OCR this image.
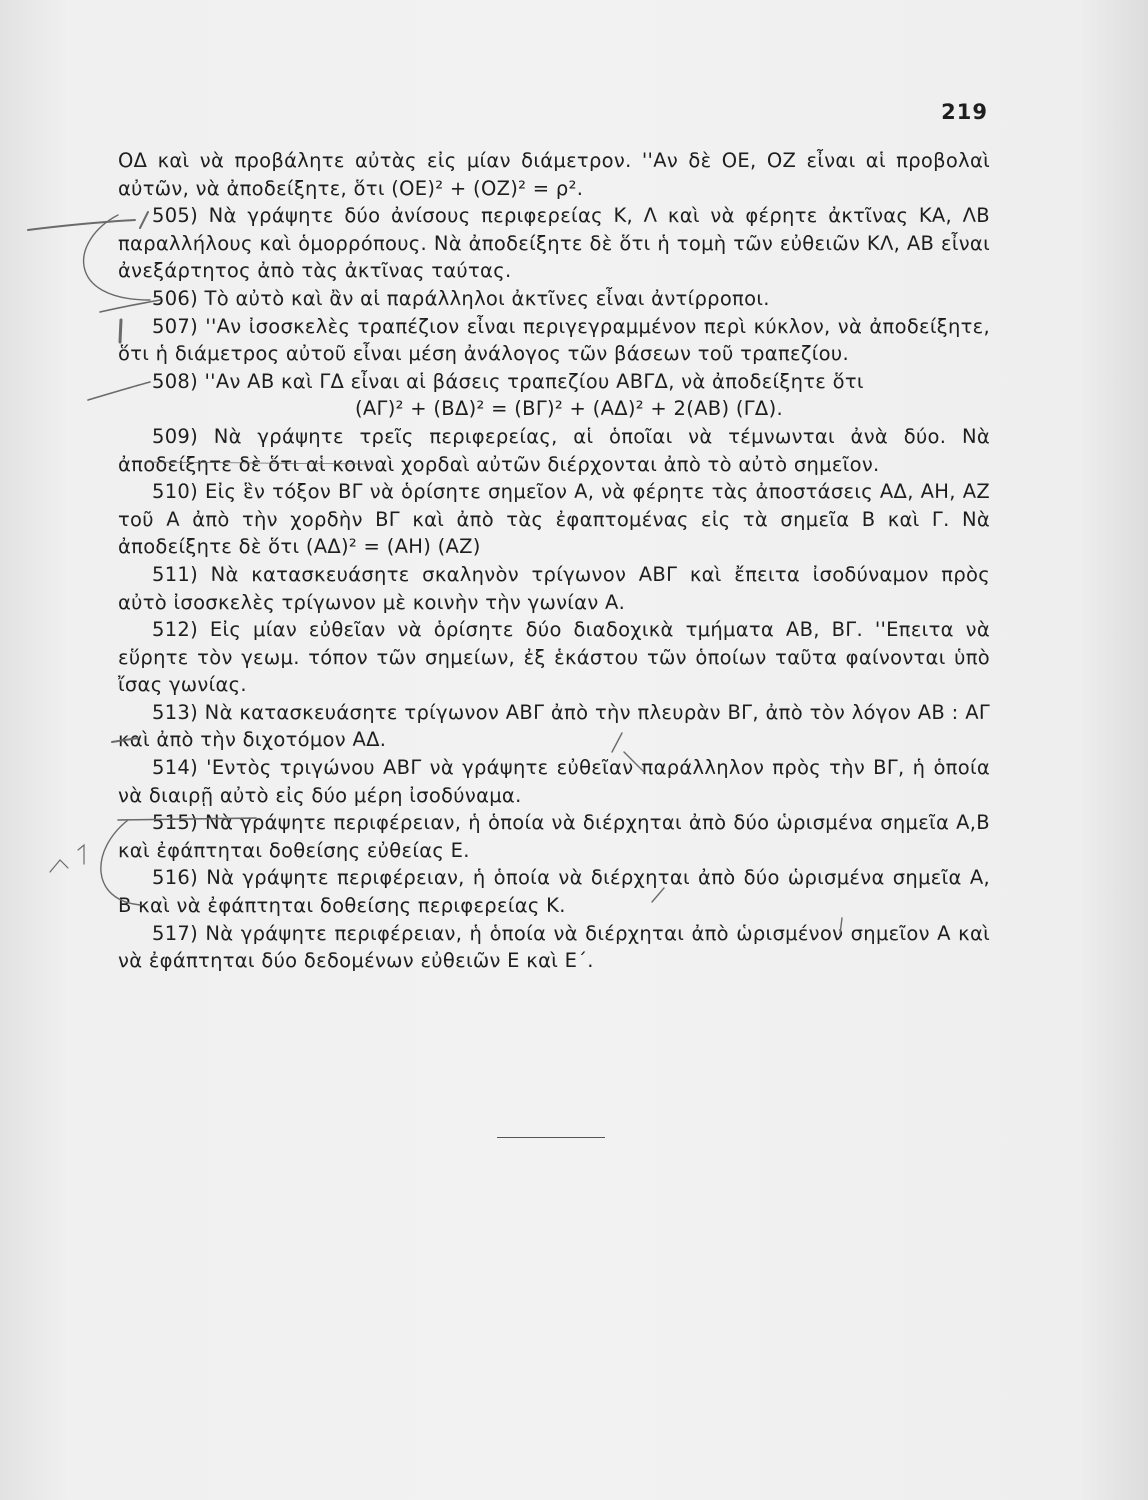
219

ΟΔ καὶ νὰ προβάλητε αὐτὰς εἰς μίαν διάμετρον. ''Αν δὲ ΟΕ, ΟΖ εἶναι αἱ προβολαὶ αὐτῶν, νὰ ἀποδείξητε, ὅτι (ΟΕ)² + (ΟΖ)² = ρ².

505) Νὰ γράψητε δύο ἀνίσους περιφερείας Κ, Λ καὶ νὰ φέρητε ἀκτῖνας ΚΑ, ΛΒ παραλλήλους καὶ ὁμορρόπους. Νὰ ἀποδείξητε δὲ ὅτι ἡ τομὴ τῶν εὐθειῶν ΚΛ, ΑΒ εἶναι ἀνεξάρτητος ἀπὸ τὰς ἀκτῖνας ταύτας.

506) Τὸ αὐτὸ καὶ ἂν αἱ παράλληλοι ἀκτῖνες εἶναι ἀντίρροποι.

507) ''Αν ἰσοσκελὲς τραπέζιον εἶναι περιγεγραμμένον περὶ κύκλον, νὰ ἀποδείξητε, ὅτι ἡ διάμετρος αὐτοῦ εἶναι μέση ἀνάλογος τῶν βάσεων τοῦ τραπεζίου.

508) ''Αν ΑΒ καὶ ΓΔ εἶναι αἱ βάσεις τραπεζίου ΑΒΓΔ, νὰ ἀποδείξητε ὅτι

(ΑΓ)² + (ΒΔ)² = (ΒΓ)² + (ΑΔ)² + 2(ΑΒ) (ΓΔ).

509) Νὰ γράψητε τρεῖς περιφερείας, αἱ ὁποῖαι νὰ τέμνωνται ἀνὰ δύο. Νὰ ἀποδείξητε δὲ ὅτι αἱ κοιναὶ χορδαὶ αὐτῶν διέρχονται ἀπὸ τὸ αὐτὸ σημεῖον.

510) Εἰς ἓν τόξον ΒΓ νὰ ὁρίσητε σημεῖον Α, νὰ φέρητε τὰς ἀποστάσεις ΑΔ, ΑΗ, ΑΖ τοῦ Α ἀπὸ τὴν χορδὴν ΒΓ καὶ ἀπὸ τὰς ἐφαπτομένας εἰς τὰ σημεῖα Β καὶ Γ. Νὰ ἀποδείξητε δὲ ὅτι (ΑΔ)² = (ΑΗ) (ΑΖ)

511) Νὰ κατασκευάσητε σκαληνὸν τρίγωνον ΑΒΓ καὶ ἔπειτα ἰσοδύναμον πρὸς αὐτὸ ἰσοσκελὲς τρίγωνον μὲ κοινὴν τὴν γωνίαν Α.

512) Εἰς μίαν εὐθεῖαν νὰ ὁρίσητε δύο διαδοχικὰ τμήματα ΑΒ, ΒΓ. ''Επειτα νὰ εὕρητε τὸν γεωμ. τόπον τῶν σημείων, ἐξ ἑκάστου τῶν ὁποίων ταῦτα φαίνονται ὑπὸ ἴσας γωνίας.

513) Νὰ κατασκευάσητε τρίγωνον ΑΒΓ ἀπὸ τὴν πλευρὰν ΒΓ, ἀπὸ τὸν λόγον ΑΒ : ΑΓ καὶ ἀπὸ τὴν διχοτόμον ΑΔ.

514) 'Εντὸς τριγώνου ΑΒΓ νὰ γράψητε εὐθεῖαν παράλληλον πρὸς τὴν ΒΓ, ἡ ὁποία νὰ διαιρῇ αὐτὸ εἰς δύο μέρη ἰσοδύναμα.

515) Νὰ γράψητε περιφέρειαν, ἡ ὁποία νὰ διέρχηται ἀπὸ δύο ὡρισμένα σημεῖα Α,Β καὶ ἐφάπτηται δοθείσης εὐθείας Ε.

516) Νὰ γράψητε περιφέρειαν, ἡ ὁποία νὰ διέρχηται ἀπὸ δύο ὡρισμένα σημεῖα Α, Β καὶ νὰ ἐφάπτηται δοθείσης περιφερείας Κ.

517) Νὰ γράψητε περιφέρειαν, ἡ ὁποία νὰ διέρχηται ἀπὸ ὡρισμένον σημεῖον Α καὶ νὰ ἐφάπτηται δύο δεδομένων εὐθειῶν Ε καὶ Ε΄.
